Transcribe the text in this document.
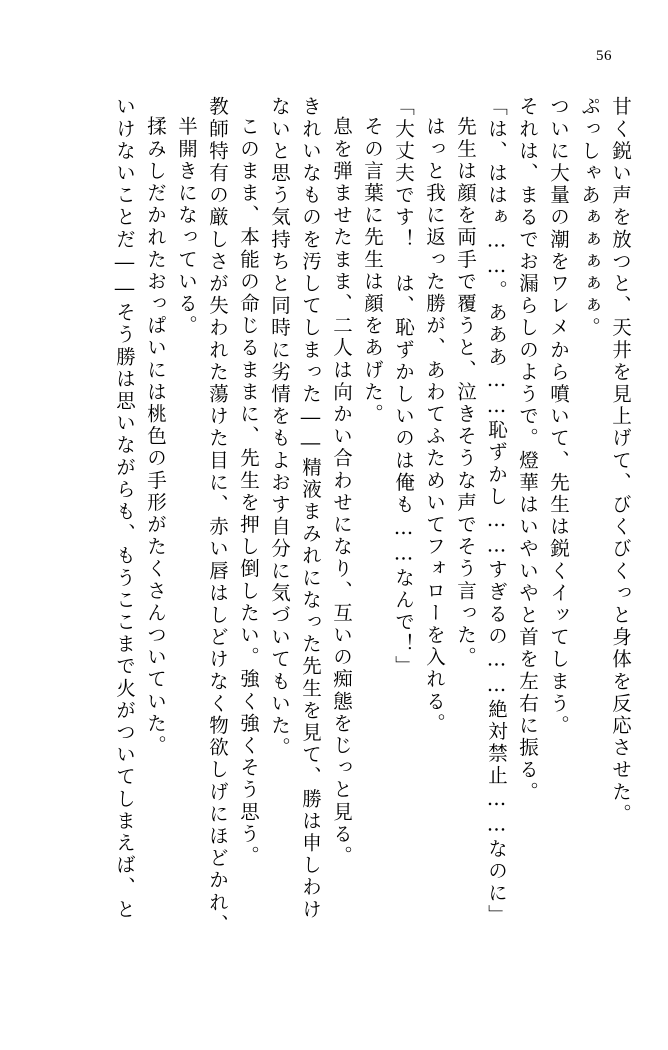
56
甘く鋭い声を放つと、天井を見上げて、びくびくっと身体を反応させた。
ぷっしゃあぁぁぁぁぁ。
ついに大量の潮をワレメから噴いて、先生は鋭くイッてしまう。
それは、まるでお漏らしのようで。燈華はいやいやと首を左右に振る。
「は、ははぁ……。あああ……恥ずかし……すぎるの……絶対禁止……なのに」
先生は顔を両手で覆うと、泣きそうな声でそう言った。
はっと我に返った勝が、あわてふためいてフォローを入れる。
「大丈夫です！　は、恥ずかしいのは俺も……なんで！」
その言葉に先生は顔をあげた。
息を弾ませたまま、二人は向かい合わせになり、互いの痴態をじっと見る。
きれいなものを汚してしまった――精液まみれになった先生を見て、勝は申しわけ
ないと思う気持ちと同時に劣情をもよおす自分に気づいてもいた。
このまま、本能の命じるままに、先生を押し倒したい。強く強くそう思う。
教師特有の厳しさが失われた蕩けた目に、赤い唇はしどけなく物欲しげにほどかれ、
半開きになっている。
揉みしだかれたおっぱいには桃色の手形がたくさんついていた。
いけないことだ――そう勝は思いながらも、もうここまで火がついてしまえば、と
